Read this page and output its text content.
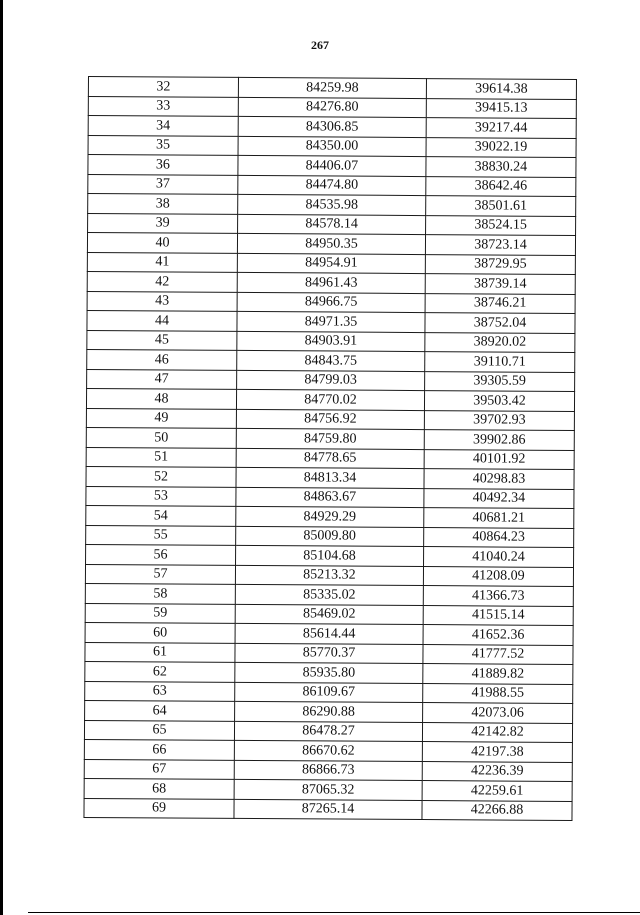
267
32	84259.98	39614.38
33	84276.80	39415.13
34	84306.85	39217.44
35	84350.00	39022.19
36	84406.07	38830.24
37	84474.80	38642.46
38	84535.98	38501.61
39	84578.14	38524.15
40	84950.35	38723.14
41	84954.91	38729.95
42	84961.43	38739.14
43	84966.75	38746.21
44	84971.35	38752.04
45	84903.91	38920.02
46	84843.75	39110.71
47	84799.03	39305.59
48	84770.02	39503.42
49	84756.92	39702.93
50	84759.80	39902.86
51	84778.65	40101.92
52	84813.34	40298.83
53	84863.67	40492.34
54	84929.29	40681.21
55	85009.80	40864.23
56	85104.68	41040.24
57	85213.32	41208.09
58	85335.02	41366.73
59	85469.02	41515.14
60	85614.44	41652.36
61	85770.37	41777.52
62	85935.80	41889.82
63	86109.67	41988.55
64	86290.88	42073.06
65	86478.27	42142.82
66	86670.62	42197.38
67	86866.73	42236.39
68	87065.32	42259.61
69	87265.14	42266.88
